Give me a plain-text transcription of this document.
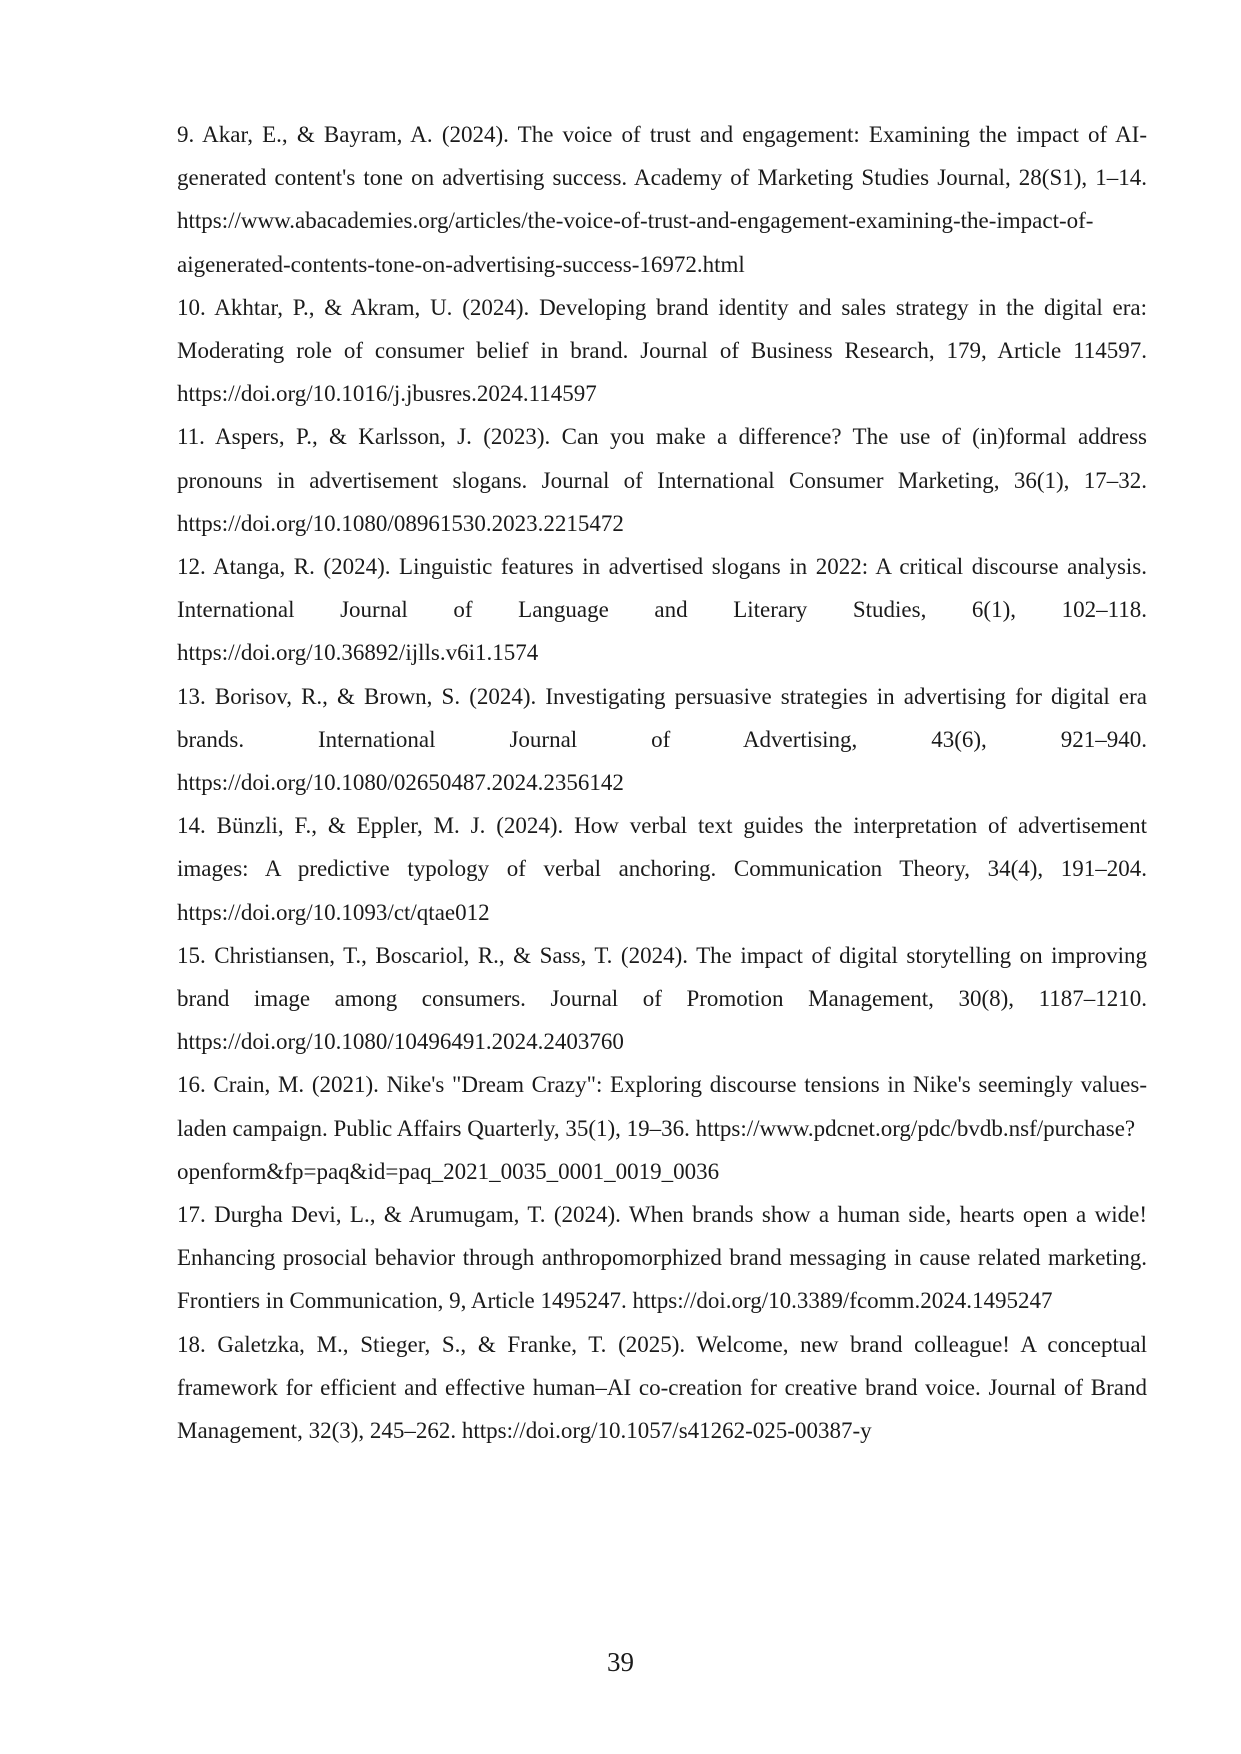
9. Akar, E., & Bayram, A. (2024). The voice of trust and engagement: Examining the impact of AI-generated content's tone on advertising success. Academy of Marketing Studies Journal, 28(S1), 1–14. https://www.abacademies.org/articles/the-voice-of-trust-and-engagement-examining-the-impact-of-aigenerated-contents-tone-on-advertising-success-16972.html

10. Akhtar, P., & Akram, U. (2024). Developing brand identity and sales strategy in the digital era: Moderating role of consumer belief in brand. Journal of Business Research, 179, Article 114597. https://doi.org/10.1016/j.jbusres.2024.114597

11. Aspers, P., & Karlsson, J. (2023). Can you make a difference? The use of (in)formal address pronouns in advertisement slogans. Journal of International Consumer Marketing, 36(1), 17–32. https://doi.org/10.1080/08961530.2023.2215472

12. Atanga, R. (2024). Linguistic features in advertised slogans in 2022: A critical discourse analysis. International Journal of Language and Literary Studies, 6(1), 102–118. https://doi.org/10.36892/ijlls.v6i1.1574

13. Borisov, R., & Brown, S. (2024). Investigating persuasive strategies in advertising for digital era brands. International Journal of Advertising, 43(6), 921–940. https://doi.org/10.1080/02650487.2024.2356142

14. Bünzli, F., & Eppler, M. J. (2024). How verbal text guides the interpretation of advertisement images: A predictive typology of verbal anchoring. Communication Theory, 34(4), 191–204. https://doi.org/10.1093/ct/qtae012

15. Christiansen, T., Boscariol, R., & Sass, T. (2024). The impact of digital storytelling on improving brand image among consumers. Journal of Promotion Management, 30(8), 1187–1210. https://doi.org/10.1080/10496491.2024.2403760

16. Crain, M. (2021). Nike's "Dream Crazy": Exploring discourse tensions in Nike's seemingly values-laden campaign. Public Affairs Quarterly, 35(1), 19–36. https://www.pdcnet.org/pdc/bvdb.nsf/purchase?
openform&fp=paq&id=paq_2021_0035_0001_0019_0036

17. Durgha Devi, L., & Arumugam, T. (2024). When brands show a human side, hearts open a wide! Enhancing prosocial behavior through anthropomorphized brand messaging in cause related marketing. Frontiers in Communication, 9, Article 1495247. https://doi.org/10.3389/fcomm.2024.1495247

18. Galetzka, M., Stieger, S., & Franke, T. (2025). Welcome, new brand colleague! A conceptual framework for efficient and effective human–AI co-creation for creative brand voice. Journal of Brand Management, 32(3), 245–262. https://doi.org/10.1057/s41262-025-00387-y

39
